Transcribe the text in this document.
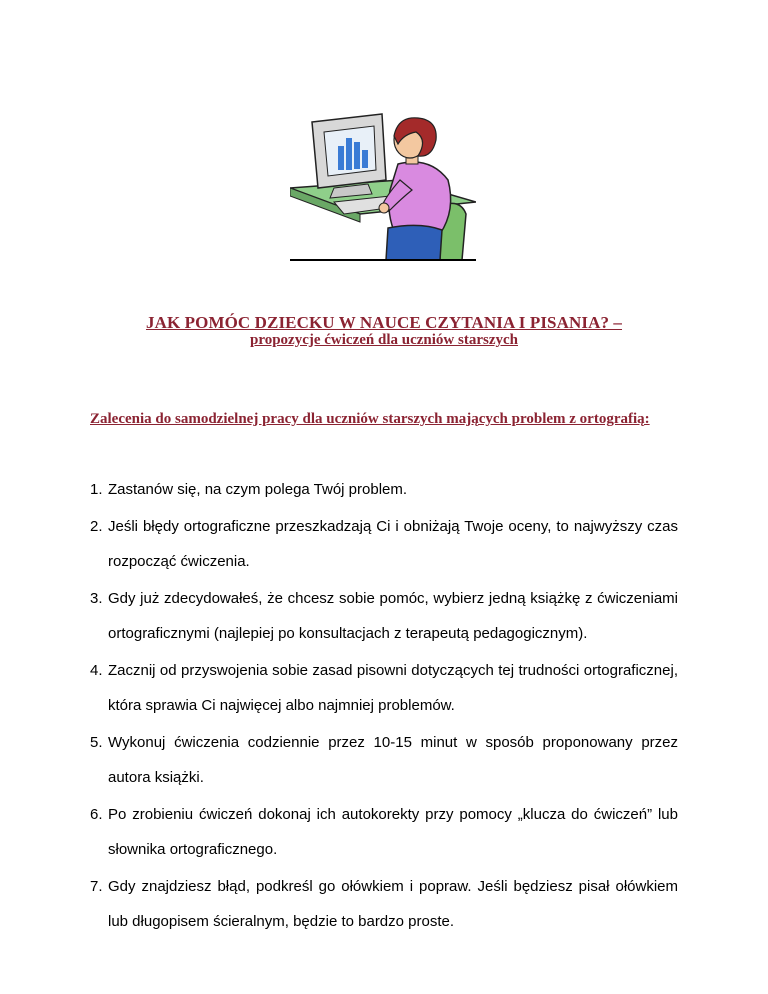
JAK POMÓC DZIECKU W NAUCE CZYTANIA I PISANIA? –
propozycje ćwiczeń dla uczniów starszych
Zalecenia do samodzielnej pracy dla uczniów starszych mających problem z ortografią:
1. Zastanów się, na czym polega Twój problem.
2. Jeśli błędy ortograficzne przeszkadzają Ci i obniżają Twoje oceny, to najwyższy czas rozpocząć ćwiczenia.
3. Gdy już zdecydowałeś, że chcesz sobie pomóc, wybierz jedną książkę z ćwiczeniami ortograficznymi (najlepiej po konsultacjach z terapeutą pedagogicznym).
4. Zacznij od przyswojenia sobie zasad pisowni dotyczących tej trudności ortograficznej, która sprawia Ci najwięcej albo najmniej problemów.
5. Wykonuj ćwiczenia codziennie przez 10-15 minut w sposób proponowany przez autora książki.
6. Po zrobieniu ćwiczeń dokonaj ich autokorekty przy pomocy „klucza do ćwiczeń” lub słownika ortograficznego.
7. Gdy znajdziesz błąd, podkreśl go ołówkiem i popraw. Jeśli będziesz pisał ołówkiem lub długopisem ścieralnym, będzie to bardzo proste.
